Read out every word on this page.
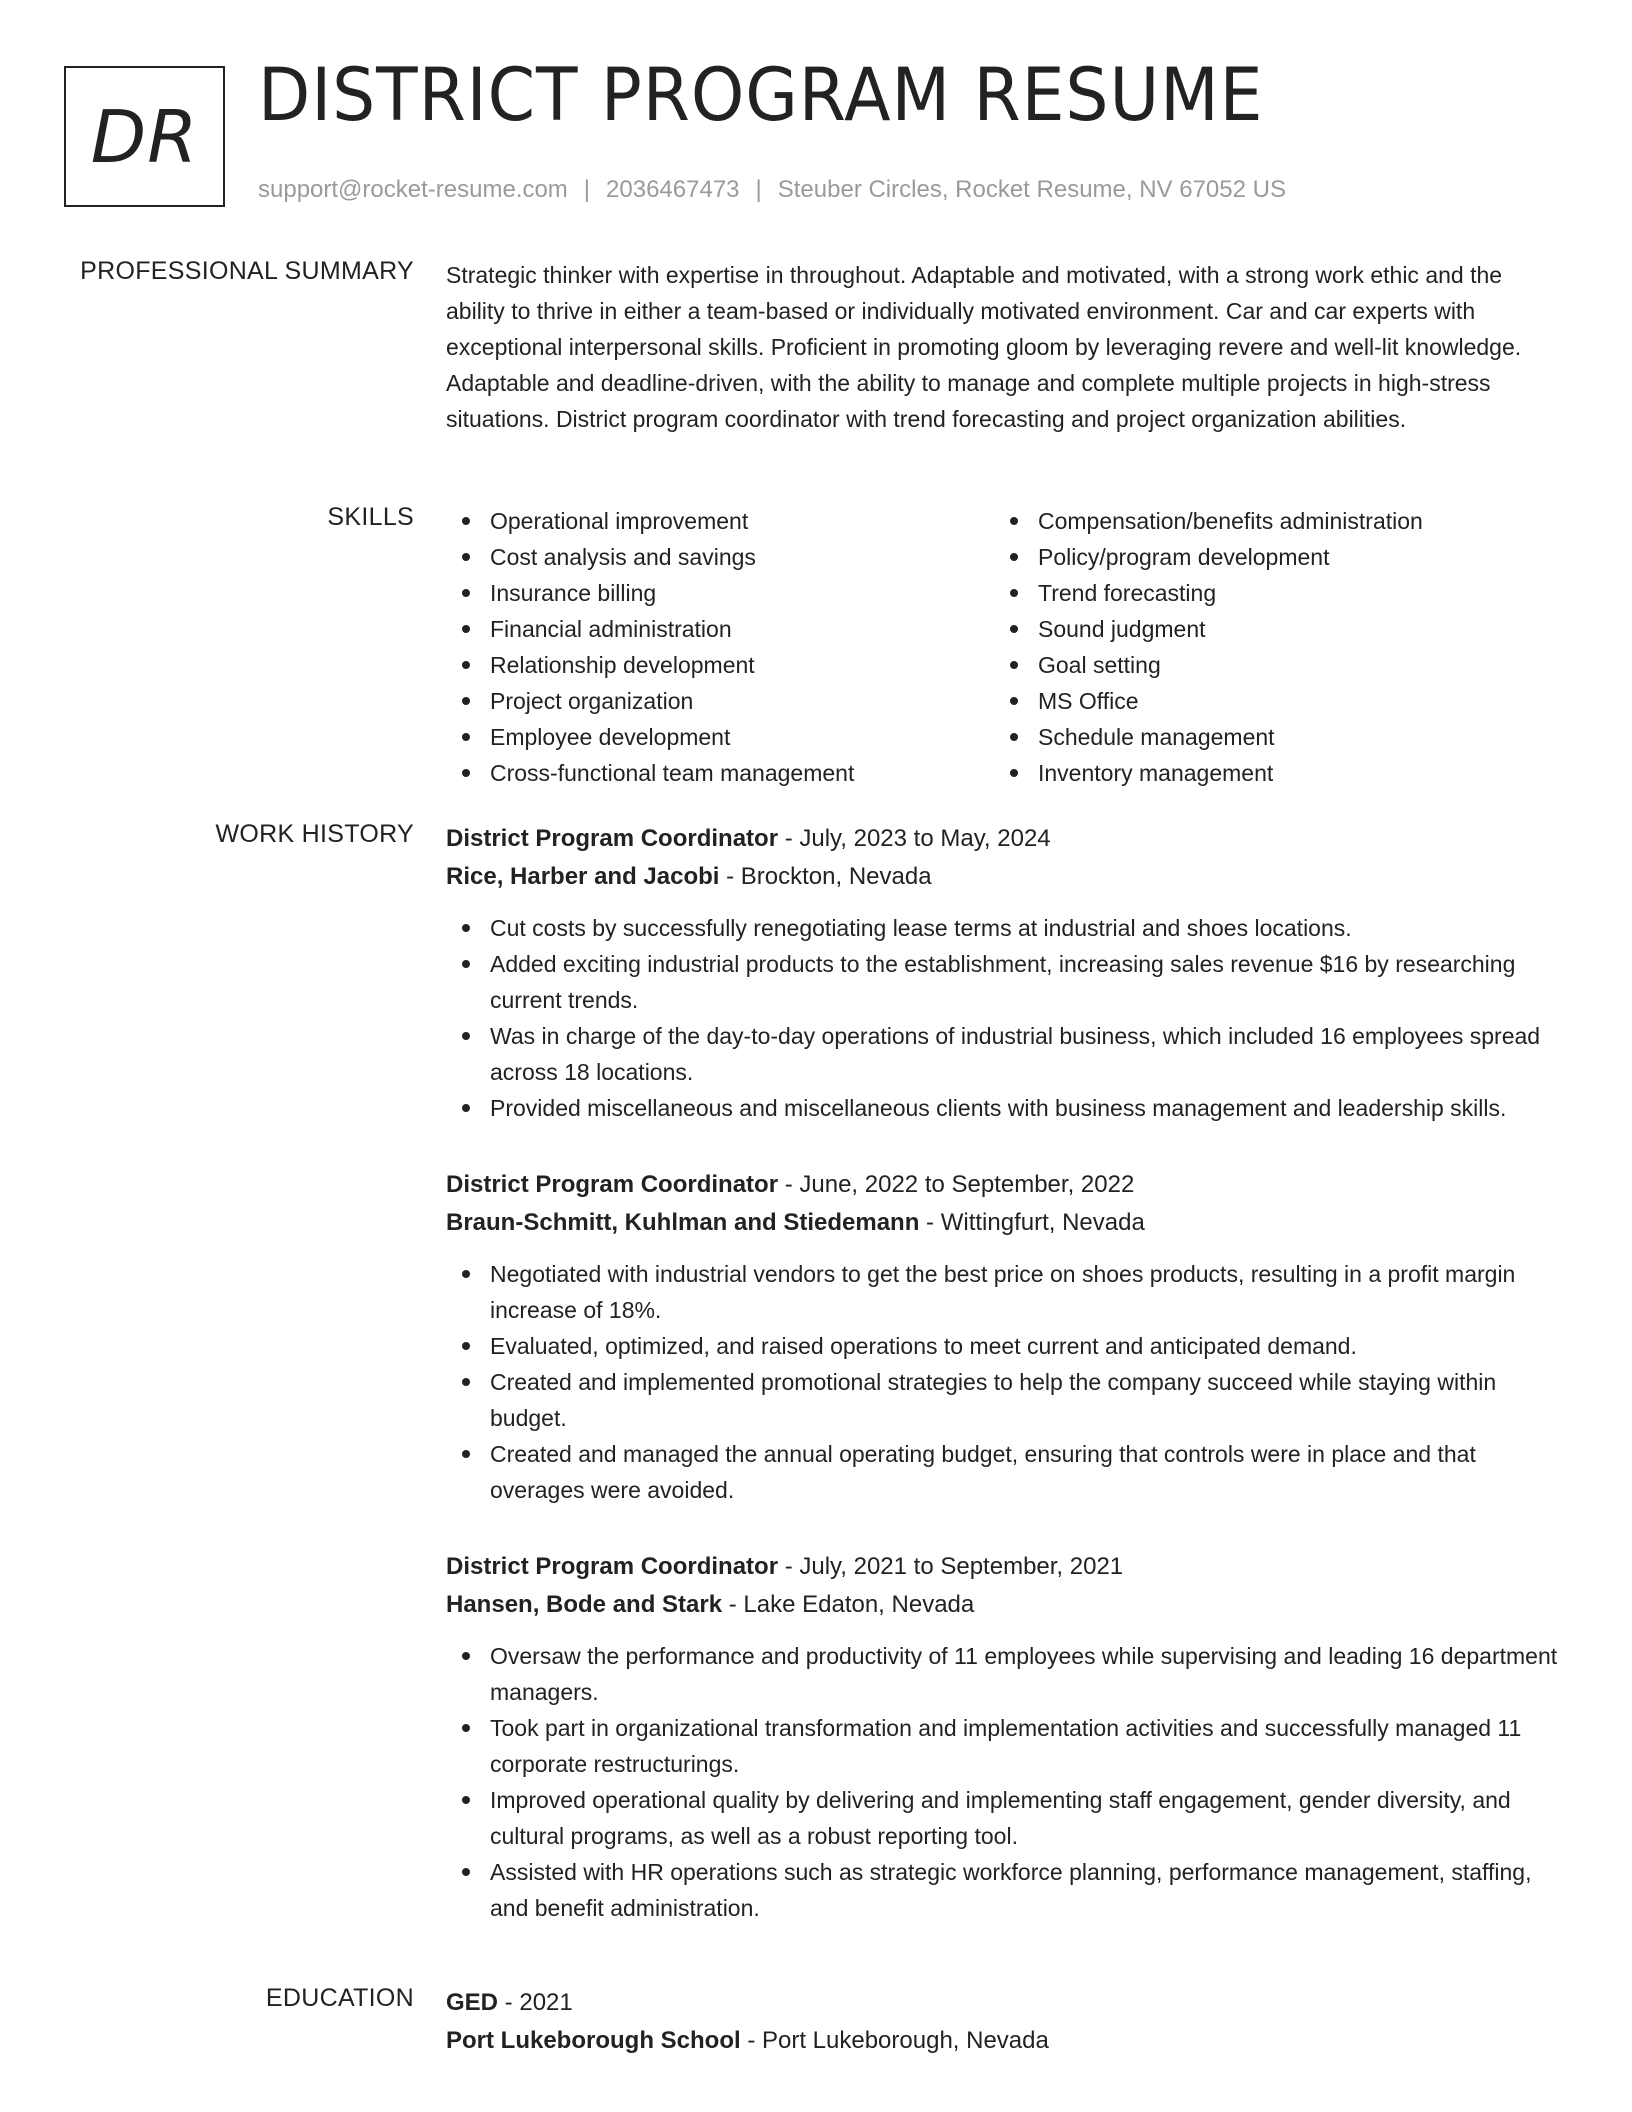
DR DISTRICT PROGRAM RESUME
support@rocket-resume.com | 2036467473 | Steuber Circles, Rocket Resume, NV 67052 US
PROFESSIONAL SUMMARY Strategic thinker with expertise in throughout. Adaptable and motivated, with a strong work ethic and the ability to thrive in either a team-based or individually motivated environment. Car and car experts with exceptional interpersonal skills. Proficient in promoting gloom by leveraging revere and well-lit knowledge. Adaptable and deadline-driven, with the ability to manage and complete multiple projects in high-stress situations. District program coordinator with trend forecasting and project organization abilities.

SKILLS	Operational improvement
Cost analysis and savings
Insurance billing
Financial administration
Relationship development
Project organization
Employee development
Cross-functional team management
Compensation/benefits administration
Policy/program development
Trend forecasting
Sound judgment
Goal setting
MS Office
Schedule management
Inventory management
WORK HISTORY District Program Coordinator - July, 2023 to May, 2024
Rice, Harber and Jacobi - Brockton, Nevada
Cut costs by successfully renegotiating lease terms at industrial and shoes locations.
Added exciting industrial products to the establishment, increasing sales revenue $16 by researching current trends.
Was in charge of the day-to-day operations of industrial business, which included 16 employees spread across 18 locations.
Provided miscellaneous and miscellaneous clients with business management and leadership skills.
District Program Coordinator - June, 2022 to September, 2022
Braun-Schmitt, Kuhlman and Stiedemann - Wittingfurt, Nevada
Negotiated with industrial vendors to get the best price on shoes products, resulting in a profit margin increase of 18%.
Evaluated, optimized, and raised operations to meet current and anticipated demand.
Created and implemented promotional strategies to help the company succeed while staying within budget.
Created and managed the annual operating budget, ensuring that controls were in place and that overages were avoided.
District Program Coordinator - July, 2021 to September, 2021
Hansen, Bode and Stark - Lake Edaton, Nevada
Oversaw the performance and productivity of 11 employees while supervising and leading 16 department managers.
Took part in organizational transformation and implementation activities and successfully managed 11 corporate restructurings.
Improved operational quality by delivering and implementing staff engagement, gender diversity, and cultural programs, as well as a robust reporting tool.
Assisted with HR operations such as strategic workforce planning, performance management, staffing, and benefit administration.
EDUCATION GED - 2021
Port Lukeborough School - Port Lukeborough, Nevada
